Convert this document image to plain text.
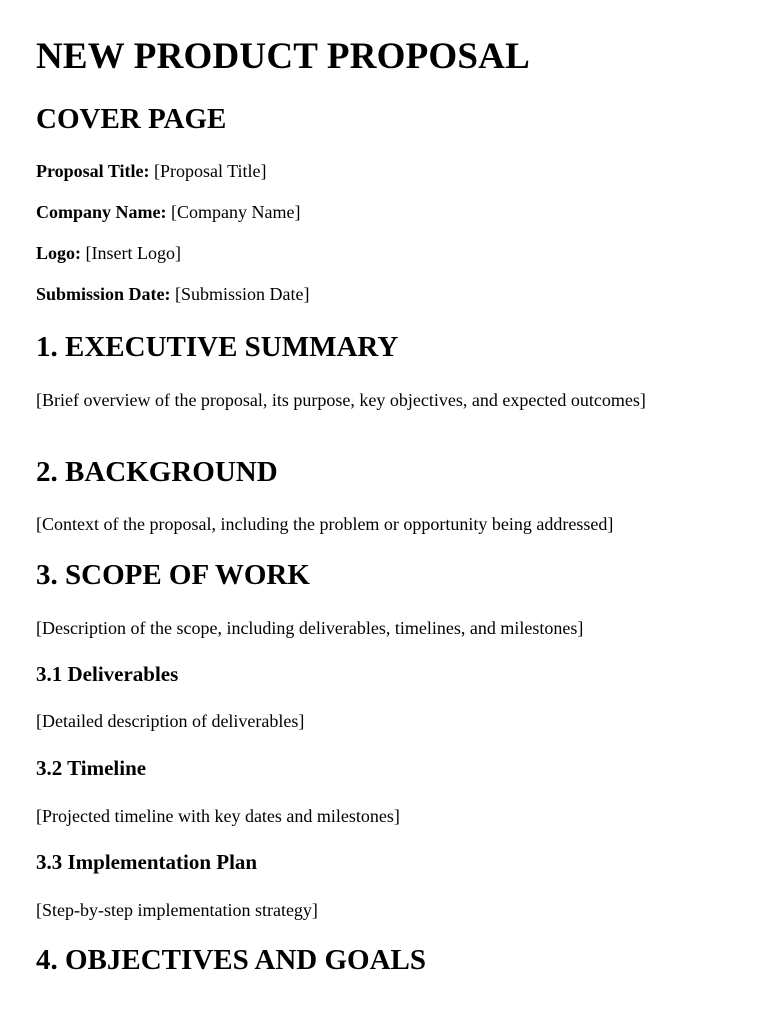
NEW PRODUCT PROPOSAL
COVER PAGE

Proposal Title: [Proposal Title]

Company Name: [Company Name]

Logo: [Insert Logo]

Submission Date: [Submission Date]

1. EXECUTIVE SUMMARY

[Brief overview of the proposal, its purpose, key objectives, and expected outcomes]

2. BACKGROUND

[Context of the proposal, including the problem or opportunity being addressed]

3. SCOPE OF WORK

[Description of the scope, including deliverables, timelines, and milestones]

3.1 Deliverables

[Detailed description of deliverables]

3.2 Timeline

[Projected timeline with key dates and milestones]

3.3 Implementation Plan

[Step-by-step implementation strategy]

4. OBJECTIVES AND GOALS
